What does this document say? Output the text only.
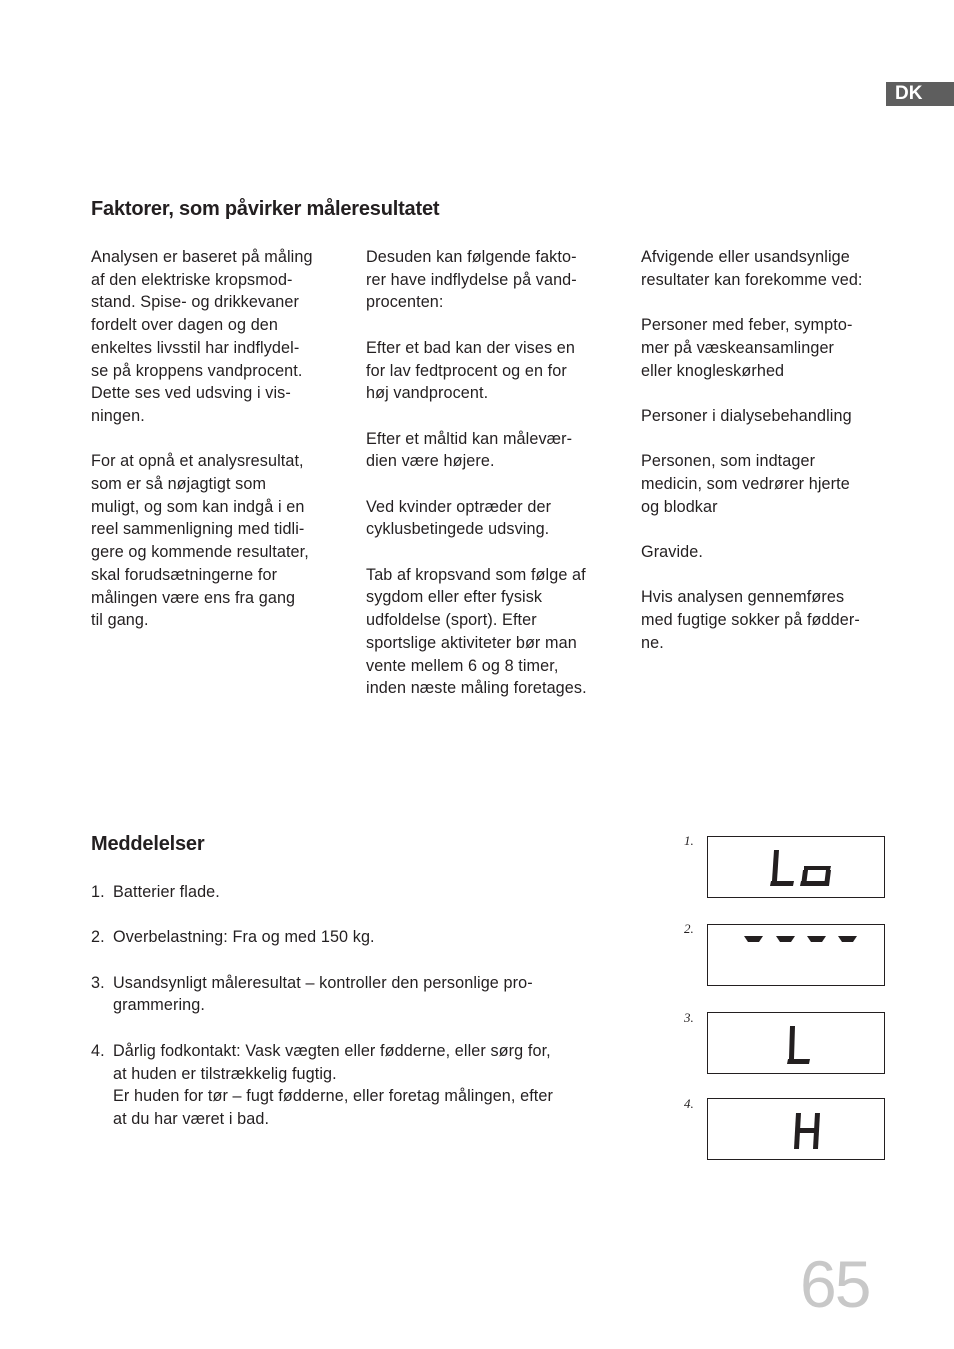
DK
Faktorer, som påvirker måleresultatet

Analysen er baseret på måling
af den elektriske kropsmod-
stand. Spise- og drikkevaner
fordelt over dagen og den
enkeltes livsstil har indflydel-
se på kroppens vandprocent.
Dette ses ved udsving i vis-
ningen.

For at opnå et analysresultat,
som er så nøjagtigt som
muligt, og som kan indgå i en
reel sammenligning med tidli-
gere og kommende resultater,
skal forudsætningerne for
målingen være ens fra gang
til gang.

Desuden kan følgende fakto-
rer have indflydelse på vand-
procenten:

Efter et bad kan der vises en
for lav fedtprocent og en for
høj vandprocent.

Efter et måltid kan målevær-
dien være højere.

Ved kvinder optræder der
cyklusbetingede udsving.

Tab af kropsvand som følge af
sygdom eller efter fysisk
udfoldelse (sport). Efter
sportslige aktiviteter bør man
vente mellem 6 og 8 timer,
inden næste måling foretages.

Afvigende eller usandsynlige
resultater kan forekomme ved:

Personer med feber, sympto-
mer på væskeansamlinger
eller knogleskørhed

Personer i dialysebehandling

Personen, som indtager
medicin, som vedrører hjerte
og blodkar

Gravide.

Hvis analysen gennemføres
med fugtige sokker på fødder-
ne.

Meddelelser
1. Batterier flade.
2. Overbelastning: Fra og med 150 kg.
3. Usandsynligt måleresultat – kontroller den personlige pro-
grammering.
4. Dårlig fodkontakt: Vask vægten eller fødderne, eller sørg for,
at huden er tilstrækkelig fugtig.
Er huden for tør – fugt fødderne, eller foretag målingen, efter
at du har været i bad.
1.
2.
3.
4.
65
